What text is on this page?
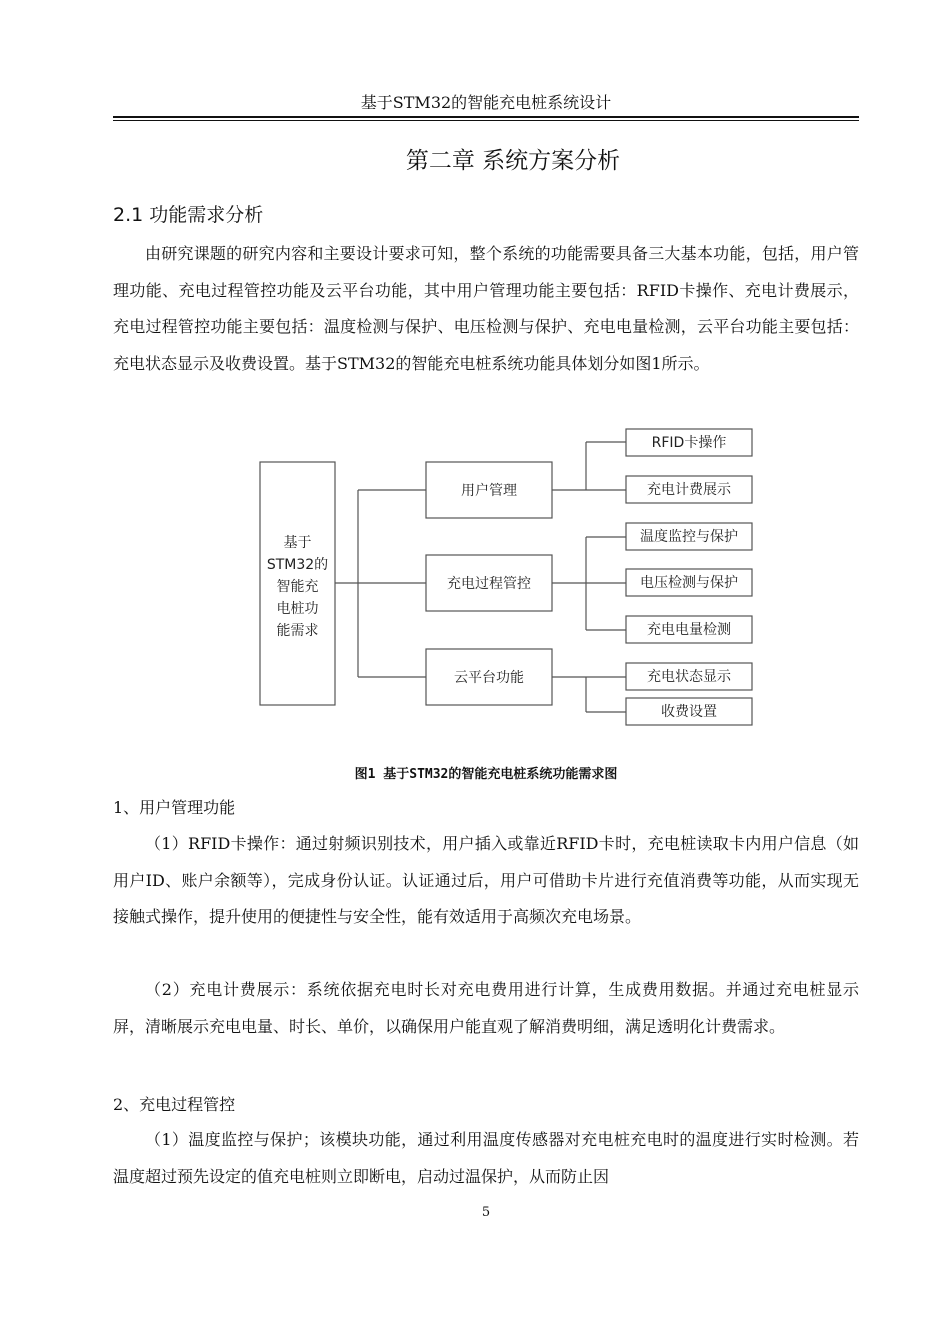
基于STM32的智能充电桩系统设计
第二章 系统方案分析
2.1 功能需求分析

由研究课题的研究内容和主要设计要求可知，整个系统的功能需要具备三大基本功能，包括，用户管理功能、充电过程管控功能及云平台功能，其中用户管理功能主要包括：RFID卡操作、充电计费展示，充电过程管控功能主要包括：温度检测与保护、电压检测与保护、充电电量检测，云平台功能主要包括：充电状态显示及收费设置。基于STM32的智能充电桩系统功能具体划分如图1所示。

基于
STM32的
智能充
电桩功
能需求
用户管理
充电过程管控
云平台功能
RFID卡操作
充电计费展示
温度监控与保护
电压检测与保护
充电电量检测
充电状态显示
收费设置
图1 基于STM32的智能充电桩系统功能需求图

1、用户管理功能

（1）RFID卡操作：通过射频识别技术，用户插入或靠近RFID卡时，充电桩读取卡内用户信息（如用户ID、账户余额等），完成身份认证。认证通过后，用户可借助卡片进行充值消费等功能，从而实现无接触式操作，提升使用的便捷性与安全性，能有效适用于高频次充电场景。

（2）充电计费展示：系统依据充电时长对充电费用进行计算，生成费用数据。并通过充电桩显示屏，清晰展示充电电量、时长、单价，以确保用户能直观了解消费明细，满足透明化计费需求。

2、充电过程管控

（1）温度监控与保护；该模块功能，通过利用温度传感器对充电桩充电时的温度进行实时检测。若温度超过预先设定的值充电桩则立即断电，启动过温保护，从而防止因

5
